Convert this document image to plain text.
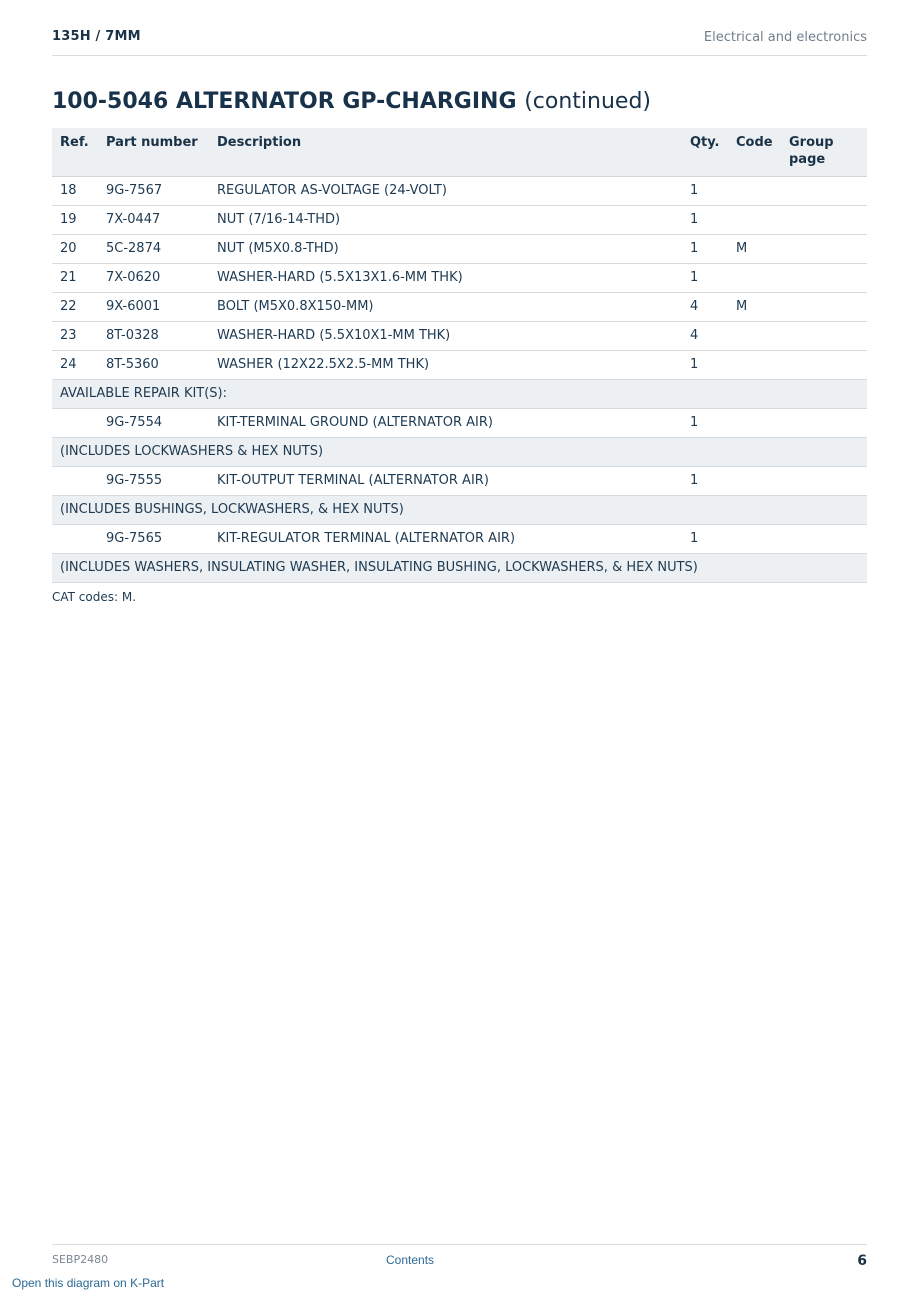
135H / 7MM	Electrical and electronics
100-5046 ALTERNATOR GP-CHARGING (continued)
Ref.	Part number	Description	Qty.	Code	Group page
18	9G-7567	REGULATOR AS-VOLTAGE (24-VOLT)	1		
19	7X-0447	NUT (7/16-14-THD)	1		
20	5C-2874	NUT (M5X0.8-THD)	1	M	
21	7X-0620	WASHER-HARD (5.5X13X1.6-MM THK)	1		
22	9X-6001	BOLT (M5X0.8X150-MM)	4	M	
23	8T-0328	WASHER-HARD (5.5X10X1-MM THK)	4		
24	8T-5360	WASHER (12X22.5X2.5-MM THK)	1		
AVAILABLE REPAIR KIT(S):					
	9G-7554	KIT-TERMINAL GROUND (ALTERNATOR AIR)	1		
(INCLUDES LOCKWASHERS & HEX NUTS)					
	9G-7555	KIT-OUTPUT TERMINAL (ALTERNATOR AIR)	1		
(INCLUDES BUSHINGS, LOCKWASHERS, & HEX NUTS)					
	9G-7565	KIT-REGULATOR TERMINAL (ALTERNATOR AIR)	1		
(INCLUDES WASHERS, INSULATING WASHER, INSULATING BUSHING, LOCKWASHERS, & HEX NUTS)					
CAT codes: M.
SEBP2480	Contents	6
Open this diagram on K-Part
